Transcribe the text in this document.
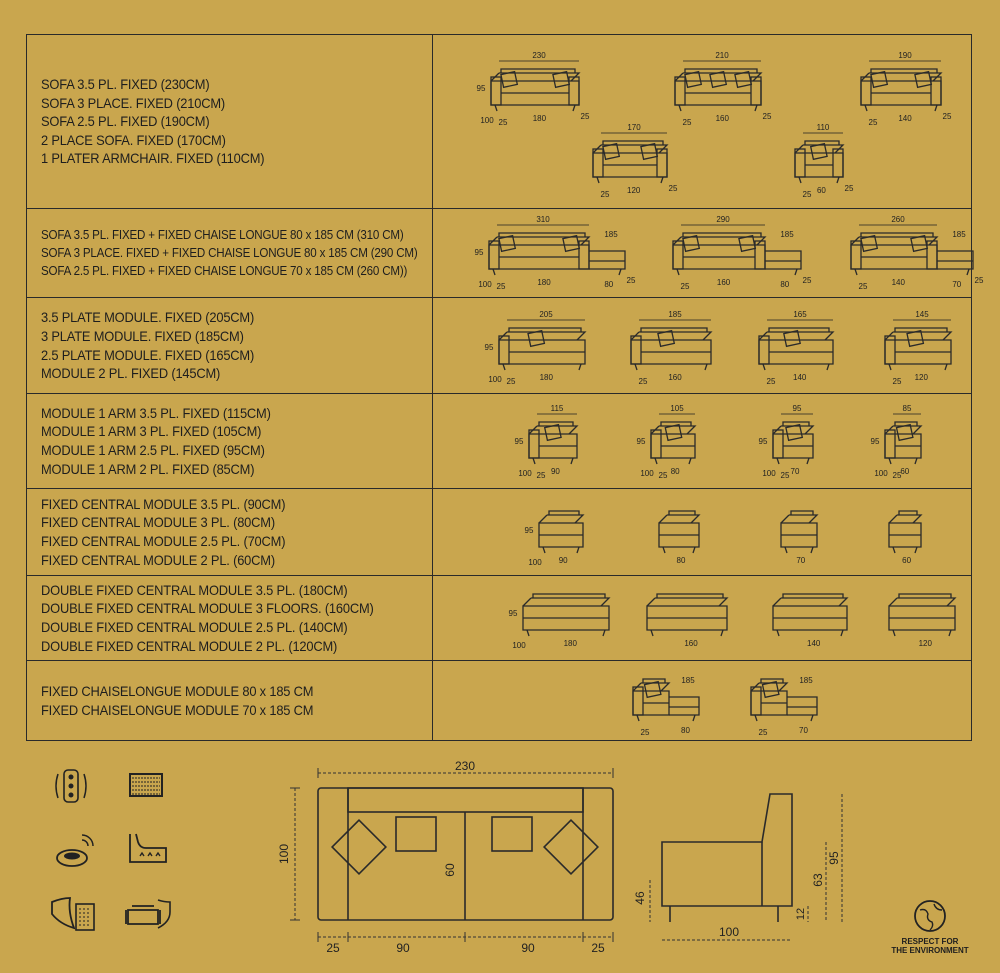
SOFA 3.5 PL. FIXED (230CM)
SOFA 3 PLACE. FIXED (210CM)
SOFA 2.5 PL. FIXED (190CM)
2 PLACE SOFA. FIXED (170CM)
1 PLATER ARMCHAIR. FIXED (110CM)
230
95
100 25	180	25
210
25	160	25
190
25	140	25
170
25 120	25
110
25 60 25
SOFA 3.5 PL. FIXED + FIXED CHAISE LONGUE 80 x 185 CM (310 CM)
SOFA 3 PLACE. FIXED + FIXED CHAISE LONGUE 80 x 185 CM (290 CM)
SOFA 2.5 PL. FIXED + FIXED CHAISE LONGUE 70 x 185 CM (260 CM))
310
185
95
100 25	180	80 25
290
185
25	160	80 25
260
185
25	140	70 25
3.5 PLATE MODULE. FIXED (205CM)
3 PLATE MODULE. FIXED (185CM)
2.5 PLATE MODULE. FIXED (165CM)
MODULE 2 PL. FIXED (145CM)
205
95
100 25	180
185
25	160
165
25 140
145
25 120
MODULE 1 ARM 3.5 PL. FIXED (115CM)
MODULE 1 ARM 3 PL. FIXED (105CM)
MODULE 1 ARM 2.5 PL. FIXED (95CM)
MODULE 1 ARM 2 PL. FIXED (85CM)
115
95
100 25 90
105
95
100 25 80
95
95
100 25 70
85
95
100 25
60
FIXED CENTRAL MODULE 3.5 PL. (90CM)
FIXED CENTRAL MODULE 3 PL. (80CM)
FIXED CENTRAL MODULE 2.5 PL. (70CM)
FIXED CENTRAL MODULE 2 PL. (60CM)
95
100 90	80	70	60
DOUBLE FIXED CENTRAL MODULE 3.5 PL. (180CM)
DOUBLE FIXED CENTRAL MODULE 3 FLOORS. (160CM)
DOUBLE FIXED CENTRAL MODULE 2.5 PL. (140CM)
DOUBLE FIXED CENTRAL MODULE 2 PL. (120CM)
95
100	180	160	140	120
FIXED CHAISELONGUE MODULE 80 x 185 CM
FIXED CHAISELONGUE MODULE 70 x 185 CM
185
25	80
185
25	70
230
100
60
25	90	90	25
95
63
46
12
100
RESPECT FOR
THE ENVIRONMENT
